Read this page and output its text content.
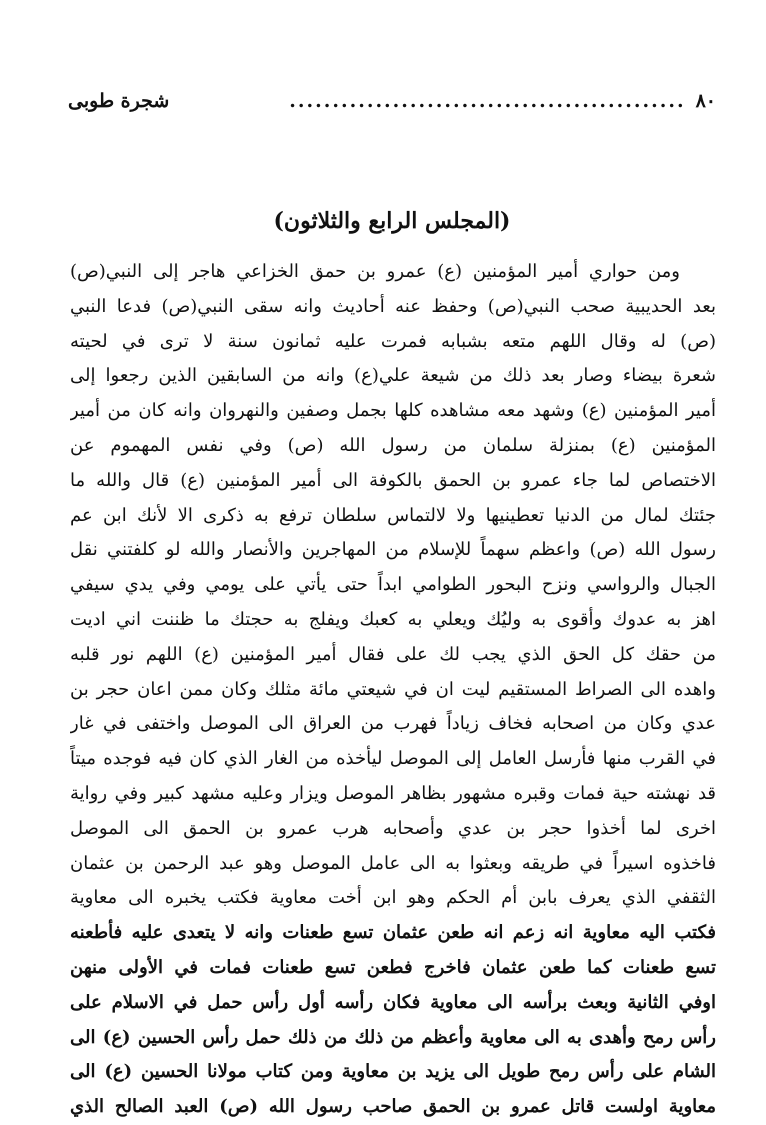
٨٠
..............................................
شجرة طوبى
(المجلس الرابع والثلاثون)
ومن حواري أمير المؤمنين (ع) عمرو بن حمق الخزاعي هاجر إلى النبي(ص)
بعد الحديبية صحب النبي(ص) وحفظ عنه أحاديث وانه سقى النبي(ص) فدعا النبي
(ص) له وقال اللهم متعه بشبابه فمرت عليه ثمانون سنة لا ترى في لحيته
شعرة بيضاء وصار بعد ذلك من شيعة علي(ع) وانه من السابقين الذين رجعوا إلى
أمير المؤمنين (ع) وشهد معه مشاهده كلها بجمل وصفين والنهروان وانه كان من أمير
المؤمنين (ع) بمنزلة سلمان من رسول الله (ص) وفي نفس المهموم عن
الاختصاص لما جاء عمرو بن الحمق بالكوفة الى أمير المؤمنين (ع) قال والله ما
جئتك لمال من الدنيا تعطينيها ولا لالتماس سلطان ترفع به ذكرى الا لأنك ابن عم
رسول الله (ص) واعظم سهماً للإسلام من المهاجرين والأنصار والله لو كلفتني نقل
الجبال والرواسي ونزح البحور الطوامي ابداً حتى يأتي على يومي وفي يدي سيفي
اهز به عدوك وأقوى به وليُك ويعلي به كعبك ويفلج به حجتك ما ظننت اني اديت
من حقك كل الحق الذي يجب لك على فقال أمير المؤمنين (ع) اللهم نور قلبه
واهده الى الصراط المستقيم ليت ان في شيعتي مائة مثلك وكان ممن اعان حجر بن
عدي وكان من اصحابه فخاف زياداً فهرب من العراق الى الموصل واختفى في غار
في القرب منها فأرسل العامل إلى الموصل ليأخذه من الغار الذي كان فيه فوجده ميتاً
قد نهشته حية فمات وقبره مشهور بظاهر الموصل ويزار وعليه مشهد كبير وفي رواية
اخرى لما أخذوا حجر بن عدي وأصحابه هرب عمرو بن الحمق الى الموصل
فاخذوه اسيراً في طريقه وبعثوا به الى عامل الموصل وهو عبد الرحمن بن عثمان
الثقفي الذي يعرف بابن أم الحكم وهو ابن أخت معاوية فكتب يخبره الى معاوية
فكتب اليه معاوية انه زعم انه طعن عثمان تسع طعنات وانه لا يتعدى عليه فأطعنه
تسع طعنات كما طعن عثمان فاخرج فطعن تسع طعنات فمات في الأولى منهن
اوفي الثانية وبعث برأسه الى معاوية فكان رأسه أول رأس حمل في الاسلام على
رأس رمح وأهدى به الى معاوية وأعظم من ذلك من ذلك حمل رأس الحسين (ع) الى
الشام على رأس رمح طويل الى يزيد بن معاوية ومن كتاب مولانا الحسين (ع) الى
معاوية اولست قاتل عمرو بن الحمق صاحب رسول الله (ص) العبد الصالح الذي
